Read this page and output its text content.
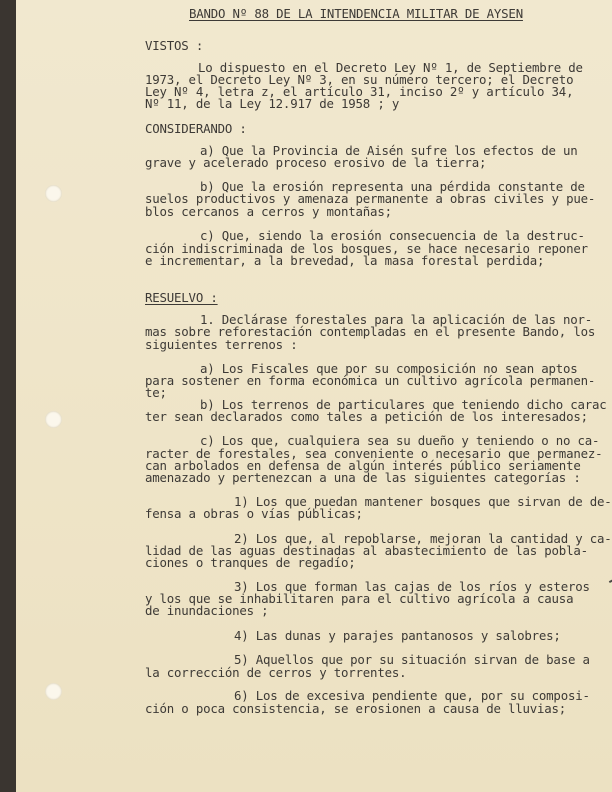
BANDO Nº 88 DE LA INTENDENCIA MILITAR DE AYSEN
VISTOS :
Lo dispuesto en el Decreto Ley Nº 1, de Septiembre de
1973, el Decreto Ley Nº 3, en su número tercero; el Decreto
Ley Nº 4, letra z, el artículo 31, inciso 2º y artículo 34,
Nº 11, de la Ley 12.917 de 1958 ; y
CONSIDERANDO :
a) Que la Provincia de Aisén sufre los efectos de un
grave y acelerado proceso erosivo de la tierra;
b) Que la erosión representa una pérdida constante de
suelos productivos y amenaza permanente a obras civiles y pue-
blos cercanos a cerros y montañas;
c) Que, siendo la erosión consecuencia de la destruc-
ción indiscriminada de los bosques, se hace necesario reponer
e incrementar, a la brevedad, la masa forestal perdida;
RESUELVO :
1. Declárase forestales para la aplicación de las nor-
mas sobre reforestación contempladas en el presente Bando, los
siguientes terrenos :
a) Los Fiscales que por su composición no sean aptos
para sostener en forma económica un cultivo agrícola permanen-
te;
b) Los terrenos de particulares que teniendo dicho carac
ter sean declarados como tales a petición de los interesados;
c) Los que, cualquiera sea su dueño y teniendo o no ca-
racter de forestales, sea conveniente o necesario que permanez-
can arbolados en defensa de algún interés público seriamente
amenazado y pertenezcan a una de las siguientes categorías :
1) Los que puedan mantener bosques que sirvan de de-
fensa a obras o vías públicas;
2) Los que, al repoblarse, mejoran la cantidad y ca-
lidad de las aguas destinadas al abastecimiento de las pobla-
ciones o tranques de regadío;
3) Los que forman las cajas de los ríos y esteros
y los que se inhabilitaren para el cultivo agrícola a causa
de inundaciones ;
4) Las dunas y parajes pantanosos y salobres;
5) Aquellos que por su situación sirvan de base a
la corrección de cerros y torrentes.
6) Los de excesiva pendiente que, por su composi-
ción o poca consistencia, se erosionen a causa de lluvias;
